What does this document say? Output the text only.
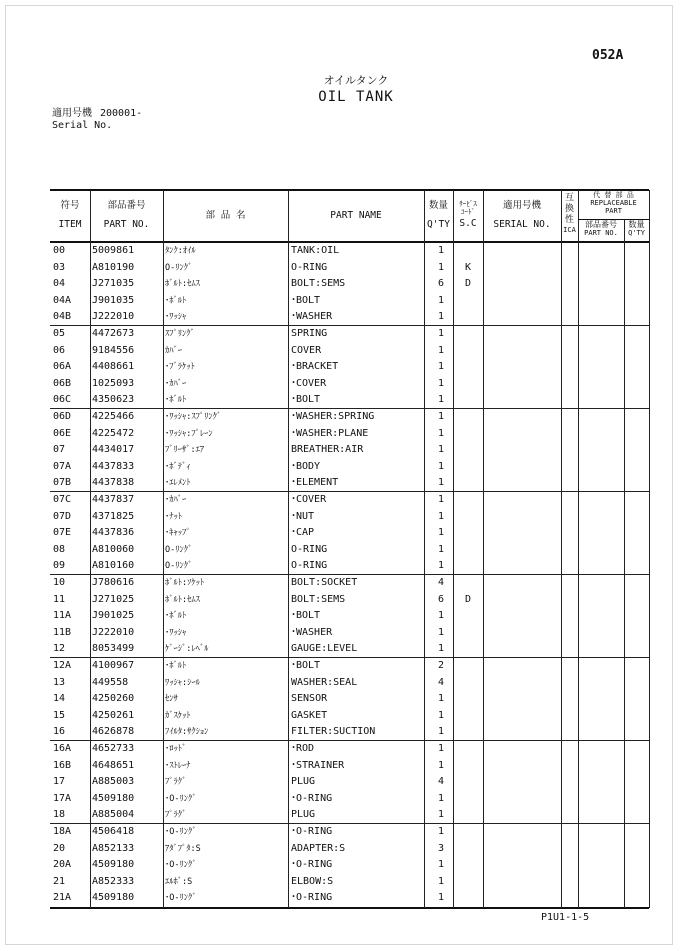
052A
オイルタンク
OIL TANK
適用号機 200001-
Serial No.
符号
ITEM
部品番号
PART NO.
部 品 名	PART NAME
数量
Q'TY
ｻｰﾋﾞｽ
ｺｰﾄﾞ
S.C
適用号機
SERIAL NO.
互
換
性
ICA
代 替 部 品
REPLACEABLE
PART
部品番号
PART NO.
数量
Q'TY
00	5009861	ﾀﾝｸ:ｵｲﾙ	TANK:OIL	1
03	A810190	O-ﾘﾝｸﾞ	O-RING	1	K
04	J271035	ﾎﾞﾙﾄ:ｾﾑｽ	BOLT:SEMS	6	D
04A J901035	･ﾎﾞﾙﾄ	･BOLT	1
04B J222010	･ﾜｯｼｬ	･WASHER	1
05	4472673	ｽﾌﾟﾘﾝｸﾞ	SPRING	1
06	9184556	ｶﾊﾞｰ	COVER	1
06A 4408661	･ﾌﾞﾗｹｯﾄ	･BRACKET	1
06B 1025093	･ｶﾊﾞｰ	･COVER	1
06C 4350623	･ﾎﾞﾙﾄ	･BOLT	1
06D 4225466	･ﾜｯｼｬ:ｽﾌﾟﾘﾝｸﾞ	･WASHER:SPRING	1
06E 4225472	･ﾜｯｼｬ:ﾌﾟﾚｰﾝ	･WASHER:PLANE	1
07	4434017	ﾌﾞﾘｰｻﾞ:ｴｱ	BREATHER:AIR	1
07A 4437833	･ﾎﾞﾃﾞｨ	･BODY	1
07B 4437838	･ｴﾚﾒﾝﾄ	･ELEMENT	1
07C 4437837	･ｶﾊﾞｰ	･COVER	1
07D 4371825	･ﾅｯﾄ	･NUT	1
07E 4437836	･ｷｬｯﾌﾟ	･CAP	1
08	A810060	O-ﾘﾝｸﾞ	O-RING	1
09	A810160	O-ﾘﾝｸﾞ	O-RING	1
10	J780616	ﾎﾞﾙﾄ:ｿｹｯﾄ	BOLT:SOCKET	4
11	J271025	ﾎﾞﾙﾄ:ｾﾑｽ	BOLT:SEMS	6	D
11A J901025	･ﾎﾞﾙﾄ	･BOLT	1
11B J222010	･ﾜｯｼｬ	･WASHER	1
12	8053499	ｹﾞｰｼﾞ:ﾚﾍﾞﾙ	GAUGE:LEVEL	1
12A 4100967	･ﾎﾞﾙﾄ	･BOLT	2
13	449558	ﾜｯｼｬ:ｼｰﾙ	WASHER:SEAL	4
14	4250260	ｾﾝｻ	SENSOR	1
15	4250261	ｶﾞｽｹｯﾄ	GASKET	1
16	4626878	ﾌｲﾙﾀ:ｻｸｼｮﾝ	FILTER:SUCTION	1
16A 4652733	･ﾛｯﾄﾞ	･ROD	1
16B 4648651	･ｽﾄﾚｰﾅ	･STRAINER	1
17	A885003	ﾌﾟﾗｸﾞ	PLUG	4
17A 4509180	･O-ﾘﾝｸﾞ	･O-RING	1
18	A885004	ﾌﾟﾗｸﾞ	PLUG	1
18A 4506418	･O-ﾘﾝｸﾞ	･O-RING	1
20	A852133	ｱﾀﾞﾌﾟﾀ:S	ADAPTER:S	3
20A 4509180	･O-ﾘﾝｸﾞ	･O-RING	1
21	A852333	ｴﾙﾎﾞ:S	ELBOW:S	1
21A 4509180	･O-ﾘﾝｸﾞ	･O-RING	1
P1U1-1-5
